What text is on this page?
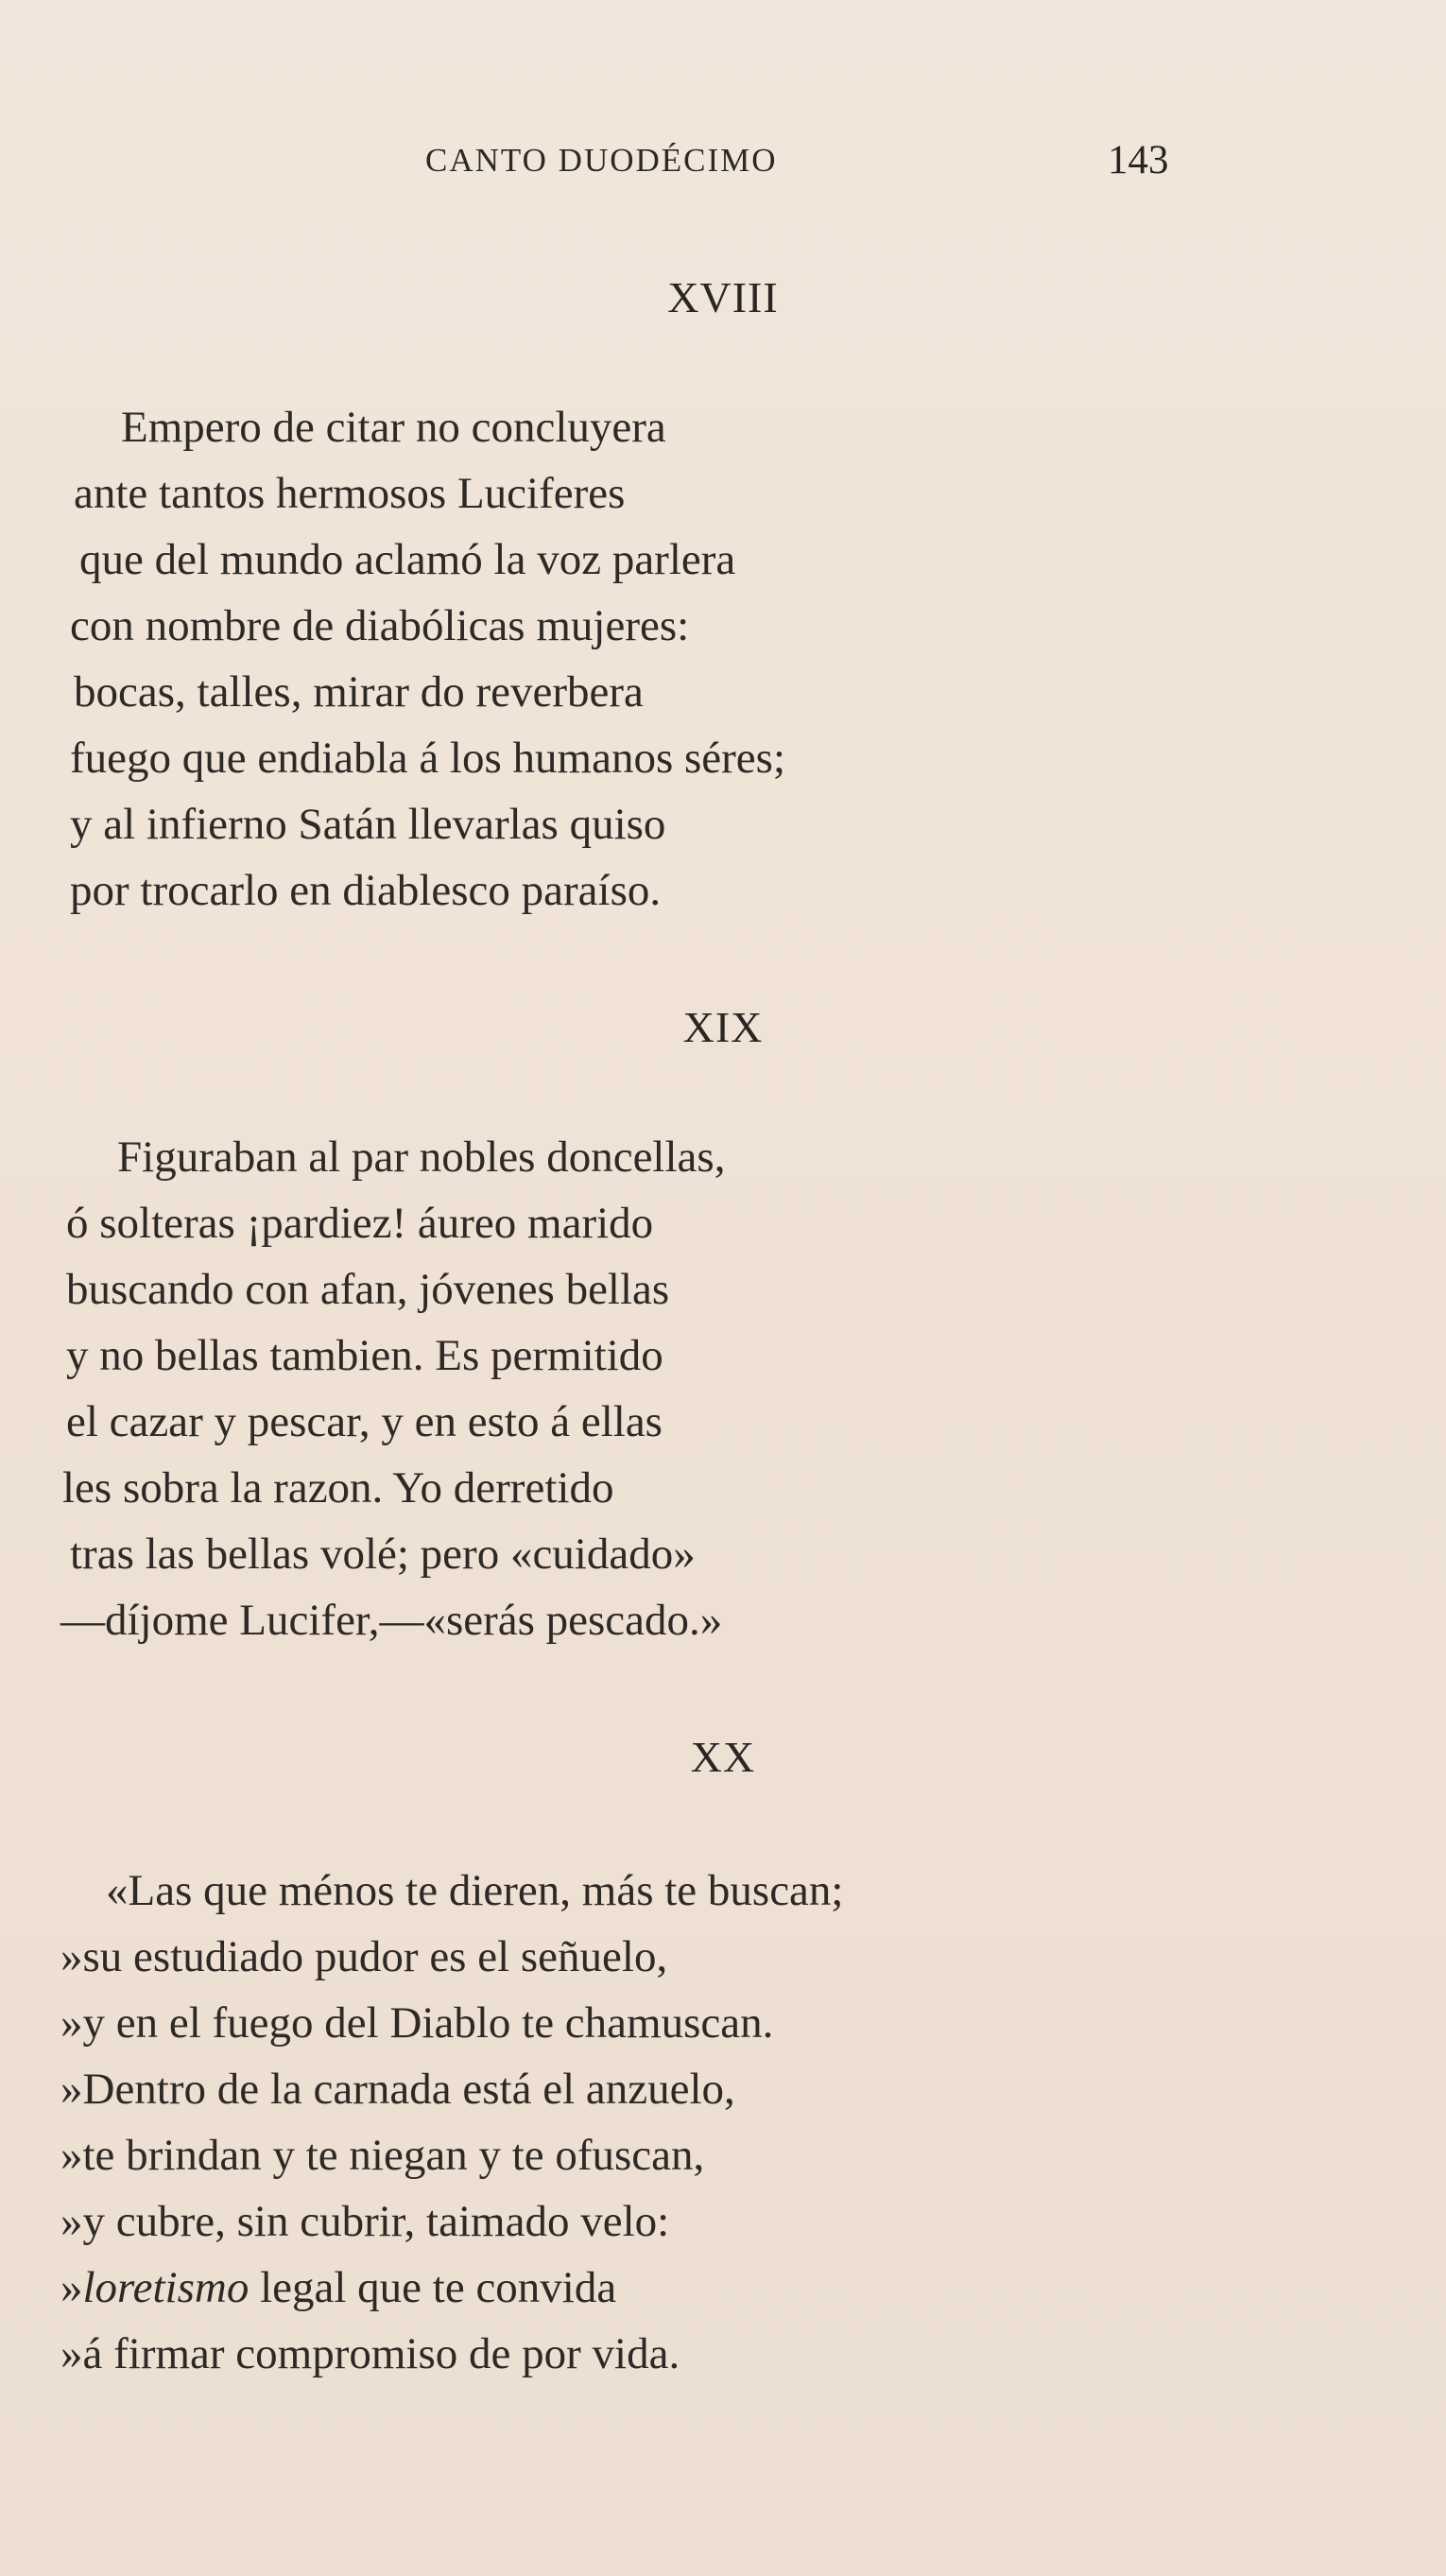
CANTO DUODÉCIMO	143
XVIII
Empero de citar no concluyera
ante tantos hermosos Luciferes
que del mundo aclamó la voz parlera
con nombre de diabólicas mujeres:
bocas, talles, mirar do reverbera
fuego que endiabla á los humanos séres;
y al infierno Satán llevarlas quiso
por trocarlo en diablesco paraíso.
XIX
Figuraban al par nobles doncellas,
ó solteras ¡pardiez! áureo marido
buscando con afan, jóvenes bellas
y no bellas tambien. Es permitido
el cazar y pescar, y en esto á ellas
les sobra la razon. Yo derretido
tras las bellas volé; pero «cuidado»
—díjome Lucifer,—«serás pescado.»
XX
«Las que ménos te dieren, más te buscan;
»su estudiado pudor es el señuelo,
»y en el fuego del Diablo te chamuscan.
»Dentro de la carnada está el anzuelo,
»te brindan y te niegan y te ofuscan,
»y cubre, sin cubrir, taimado velo:
»loretismo legal que te convida
»á firmar compromiso de por vida.
